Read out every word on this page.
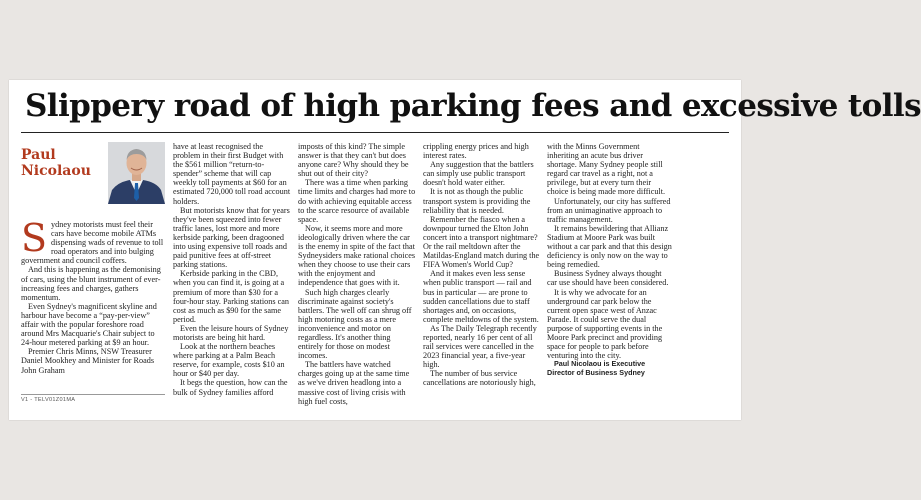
Slippery road of high parking fees and excessive tolls
Paul
Nicolaou
S ydney motorists must feel their cars have become mobile ATMs dispensing wads of revenue to toll road operators and into bulging government and council coffers.

And this is happening as the demonising of cars, using the blunt instrument of ever-increasing fees and charges, gathers momentum.

Even Sydney's magnificent skyline and harbour have become a “pay-per-view” affair with the popular foreshore road around Mrs Macquarie's Chair subject to 24-hour metered parking at $9 an hour.

Premier Chris Minns, NSW Treasurer Daniel Mookhey and Minister for Roads John Graham

have at least recognised the problem in their first Budget with the $561 million “return-to-spender” scheme that will cap weekly toll payments at $60 for an estimated 720,000 toll road account holders.

But motorists know that for years they've been squeezed into fewer traffic lanes, lost more and more kerbside parking, been dragooned into using expensive toll roads and paid punitive fees at off-street parking stations.

Kerbside parking in the CBD, when you can find it, is going at a premium of more than $30 for a four-hour stay. Parking stations can cost as much as $90 for the same period.

Even the leisure hours of Sydney motorists are being hit hard.

Look at the northern beaches where parking at a Palm Beach reserve, for example, costs $10 an hour or $40 per day.

It begs the question, how can the bulk of Sydney families afford

imposts of this kind? The simple answer is that they can't but does anyone care? Why should they be shut out of their city?

There was a time when parking time limits and charges had more to do with achieving equitable access to the scarce resource of available space.

Now, it seems more and more ideologically driven where the car is the enemy in spite of the fact that Sydneysiders make rational choices when they choose to use their cars with the enjoyment and independence that goes with it.

Such high charges clearly discriminate against society's battlers. The well off can shrug off high motoring costs as a mere inconvenience and motor on regardless. It's another thing entirely for those on modest incomes.

The battlers have watched charges going up at the same time as we've driven headlong into a massive cost of living crisis with high fuel costs,

crippling energy prices and high interest rates.

Any suggestion that the battlers can simply use public transport doesn't hold water either.

It is not as though the public transport system is providing the reliability that is needed.

Remember the fiasco when a downpour turned the Elton John concert into a transport nightmare? Or the rail meltdown after the Matildas-England match during the FIFA Women's World Cup?

And it makes even less sense when public transport — rail and bus in particular — are prone to sudden cancellations due to staff shortages and, on occasions, complete meltdowns of the system.

As The Daily Telegraph recently reported, nearly 16 per cent of all rail services were cancelled in the 2023 financial year, a five-year high.

The number of bus service cancellations are notoriously high,

with the Minns Government inheriting an acute bus driver shortage. Many Sydney people still regard car travel as a right, not a privilege, but at every turn their choice is being made more difficult.

Unfortunately, our city has suffered from an unimaginative approach to traffic management.

It remains bewildering that Allianz Stadium at Moore Park was built without a car park and that this design deficiency is only now on the way to being remedied.

Business Sydney always thought car use should have been considered.

It is why we advocate for an underground car park below the current open space west of Anzac Parade. It could serve the dual purpose of supporting events in the Moore Park precinct and providing space for people to park before venturing into the city.

Paul Nicolaou is Executive Director of Business Sydney

V1 - TELV01Z01MA
